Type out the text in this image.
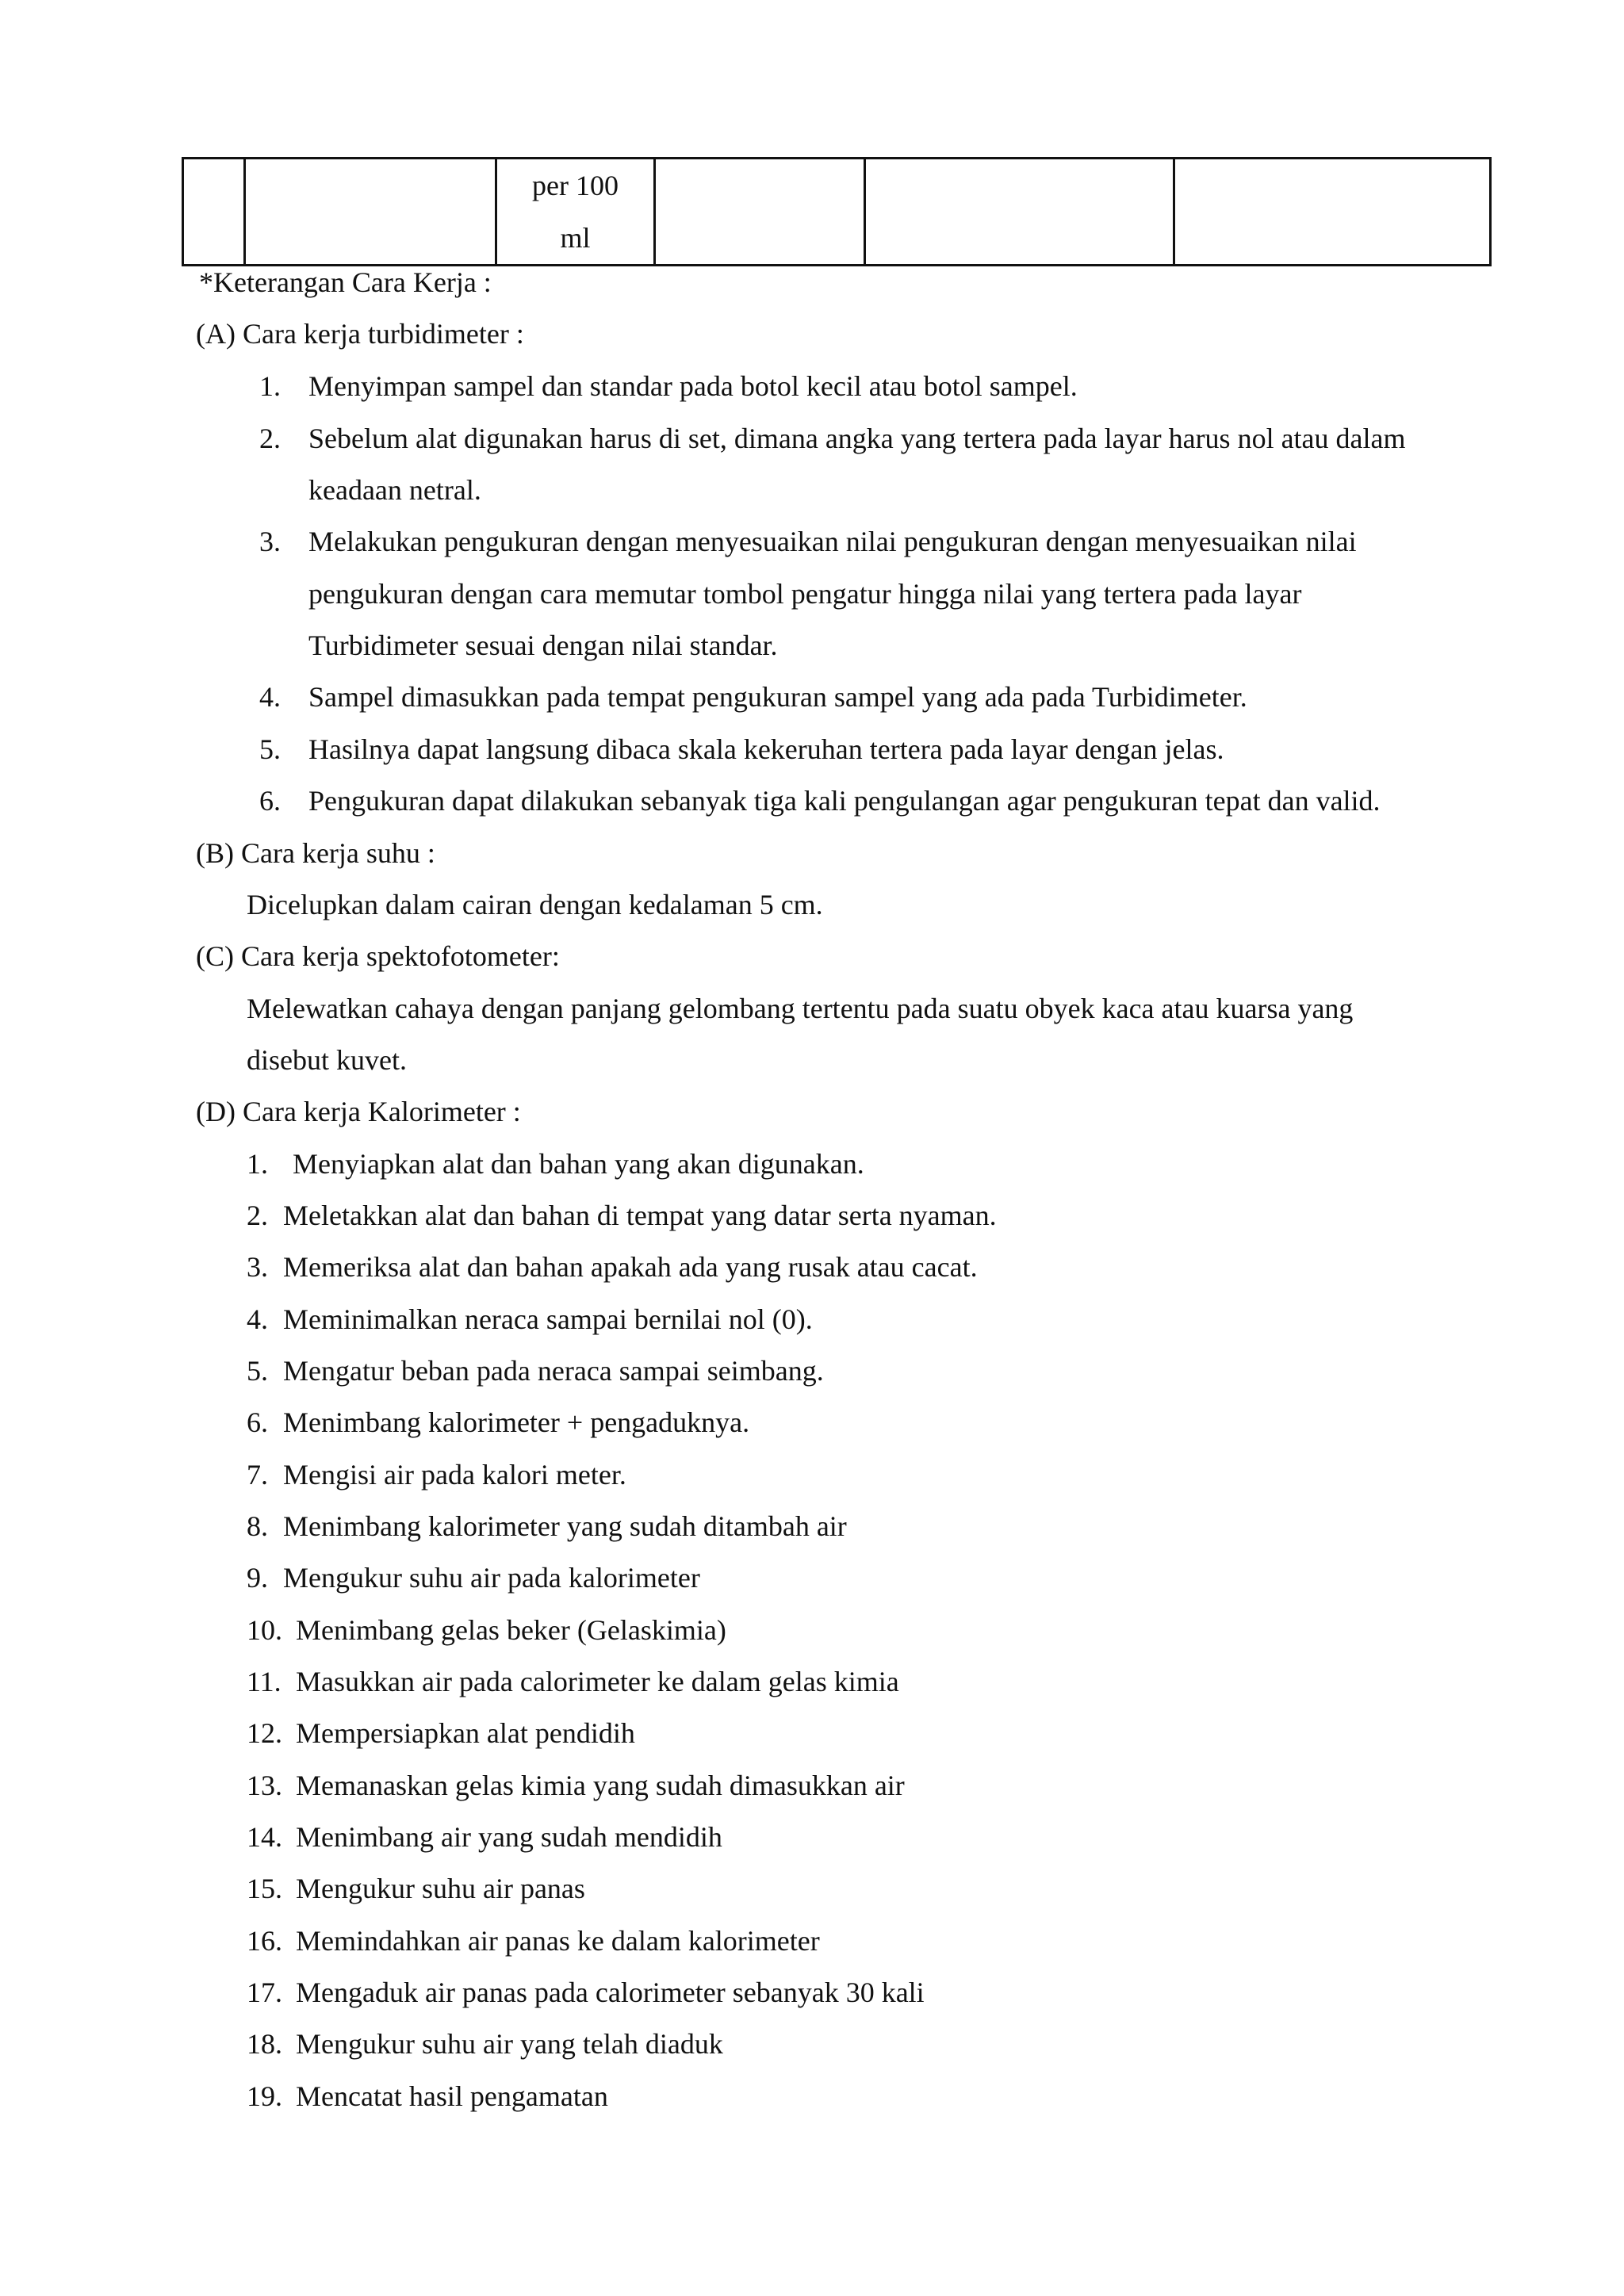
per 100
ml

*Keterangan Cara Kerja :
(A) Cara kerja turbidimeter :
1. Menyimpan sampel dan standar pada botol kecil atau botol sampel.
2. Sebelum alat digunakan harus di set, dimana angka yang tertera pada layar harus nol atau dalam
keadaan netral.
3. Melakukan pengukuran dengan menyesuaikan nilai pengukuran dengan menyesuaikan nilai
pengukuran dengan cara memutar tombol pengatur hingga nilai yang tertera pada layar
Turbidimeter sesuai dengan nilai standar.
4. Sampel dimasukkan pada tempat pengukuran sampel yang ada pada Turbidimeter.
5. Hasilnya dapat langsung dibaca skala kekeruhan tertera pada layar dengan jelas.
6. Pengukuran dapat dilakukan sebanyak tiga kali pengulangan agar pengukuran tepat dan valid.
(B) Cara kerja suhu :
Dicelupkan dalam cairan dengan kedalaman 5 cm.
(C) Cara kerja spektofotometer:
Melewatkan cahaya dengan panjang gelombang tertentu pada suatu obyek kaca atau kuarsa yang
disebut kuvet.
(D) Cara kerja Kalorimeter :
1. Menyiapkan alat dan bahan yang akan digunakan.
2. Meletakkan alat dan bahan di tempat yang datar serta nyaman.
3. Memeriksa alat dan bahan apakah ada yang rusak atau cacat.
4. Meminimalkan neraca sampai bernilai nol (0).
5. Mengatur beban pada neraca sampai seimbang.
6. Menimbang kalorimeter + pengaduknya.
7. Mengisi air pada kalori meter.
8. Menimbang kalorimeter yang sudah ditambah air
9. Mengukur suhu air pada kalorimeter
10. Menimbang gelas beker (Gelaskimia)
11. Masukkan air pada calorimeter ke dalam gelas kimia
12. Mempersiapkan alat pendidih
13. Memanaskan gelas kimia yang sudah dimasukkan air
14. Menimbang air yang sudah mendidih
15. Mengukur suhu air panas
16. Memindahkan air panas ke dalam kalorimeter
17. Mengaduk air panas pada calorimeter sebanyak 30 kali
18. Mengukur suhu air yang telah diaduk
19. Mencatat hasil pengamatan
